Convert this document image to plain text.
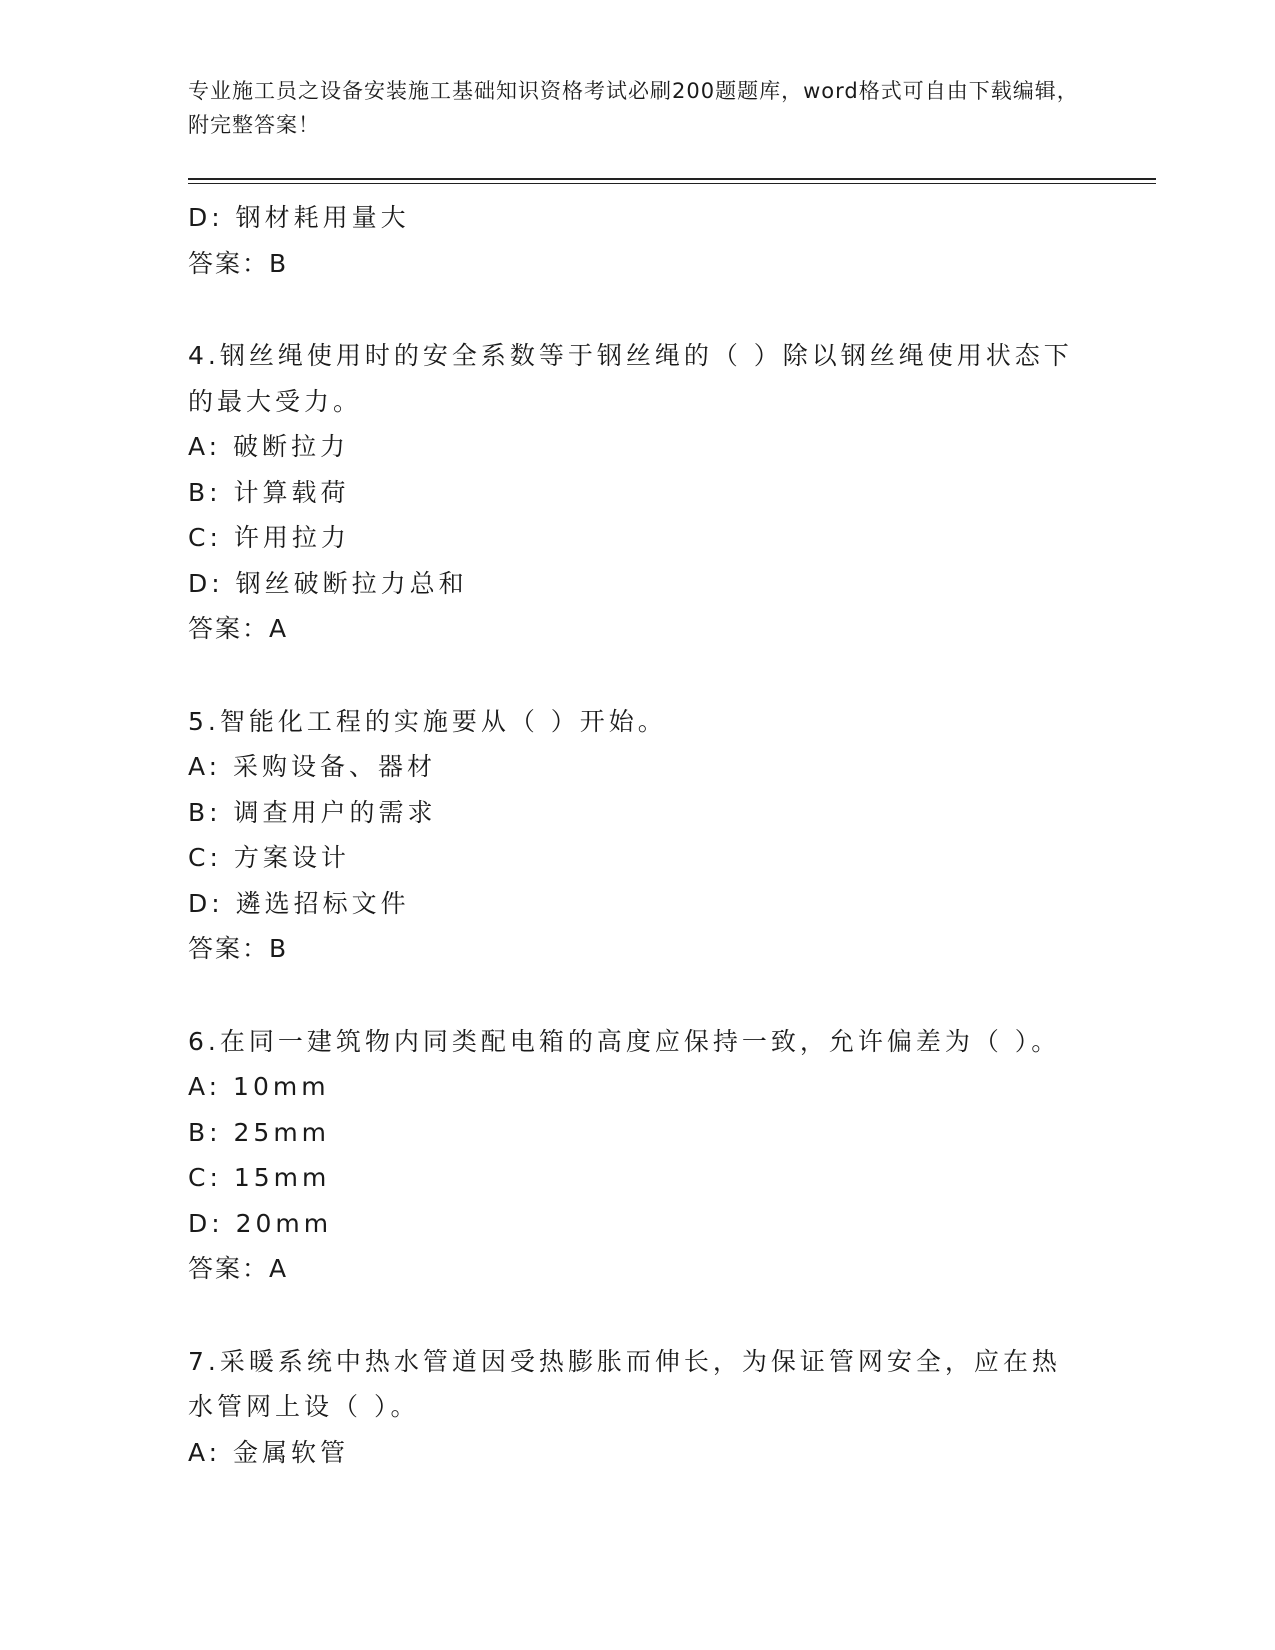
专业施工员之设备安装施工基础知识资格考试必刷200题题库，word格式可自由下载编辑，附完整答案！
D: 钢材耗用量大
答案：B
4.钢丝绳使用时的安全系数等于钢丝绳的（ ）除以钢丝绳使用状态下
的最大受力。
A: 破断拉力
B: 计算载荷
C: 许用拉力
D: 钢丝破断拉力总和
答案：A
5.智能化工程的实施要从（ ）开始。
A: 采购设备、器材
B: 调查用户的需求
C: 方案设计
D: 遴选招标文件
答案：B
6.在同一建筑物内同类配电箱的高度应保持一致，允许偏差为（ ）。
A: 10mm
B: 25mm
C: 15mm
D: 20mm
答案：A
7.采暖系统中热水管道因受热膨胀而伸长，为保证管网安全，应在热
水管网上设（ ）。
A: 金属软管
